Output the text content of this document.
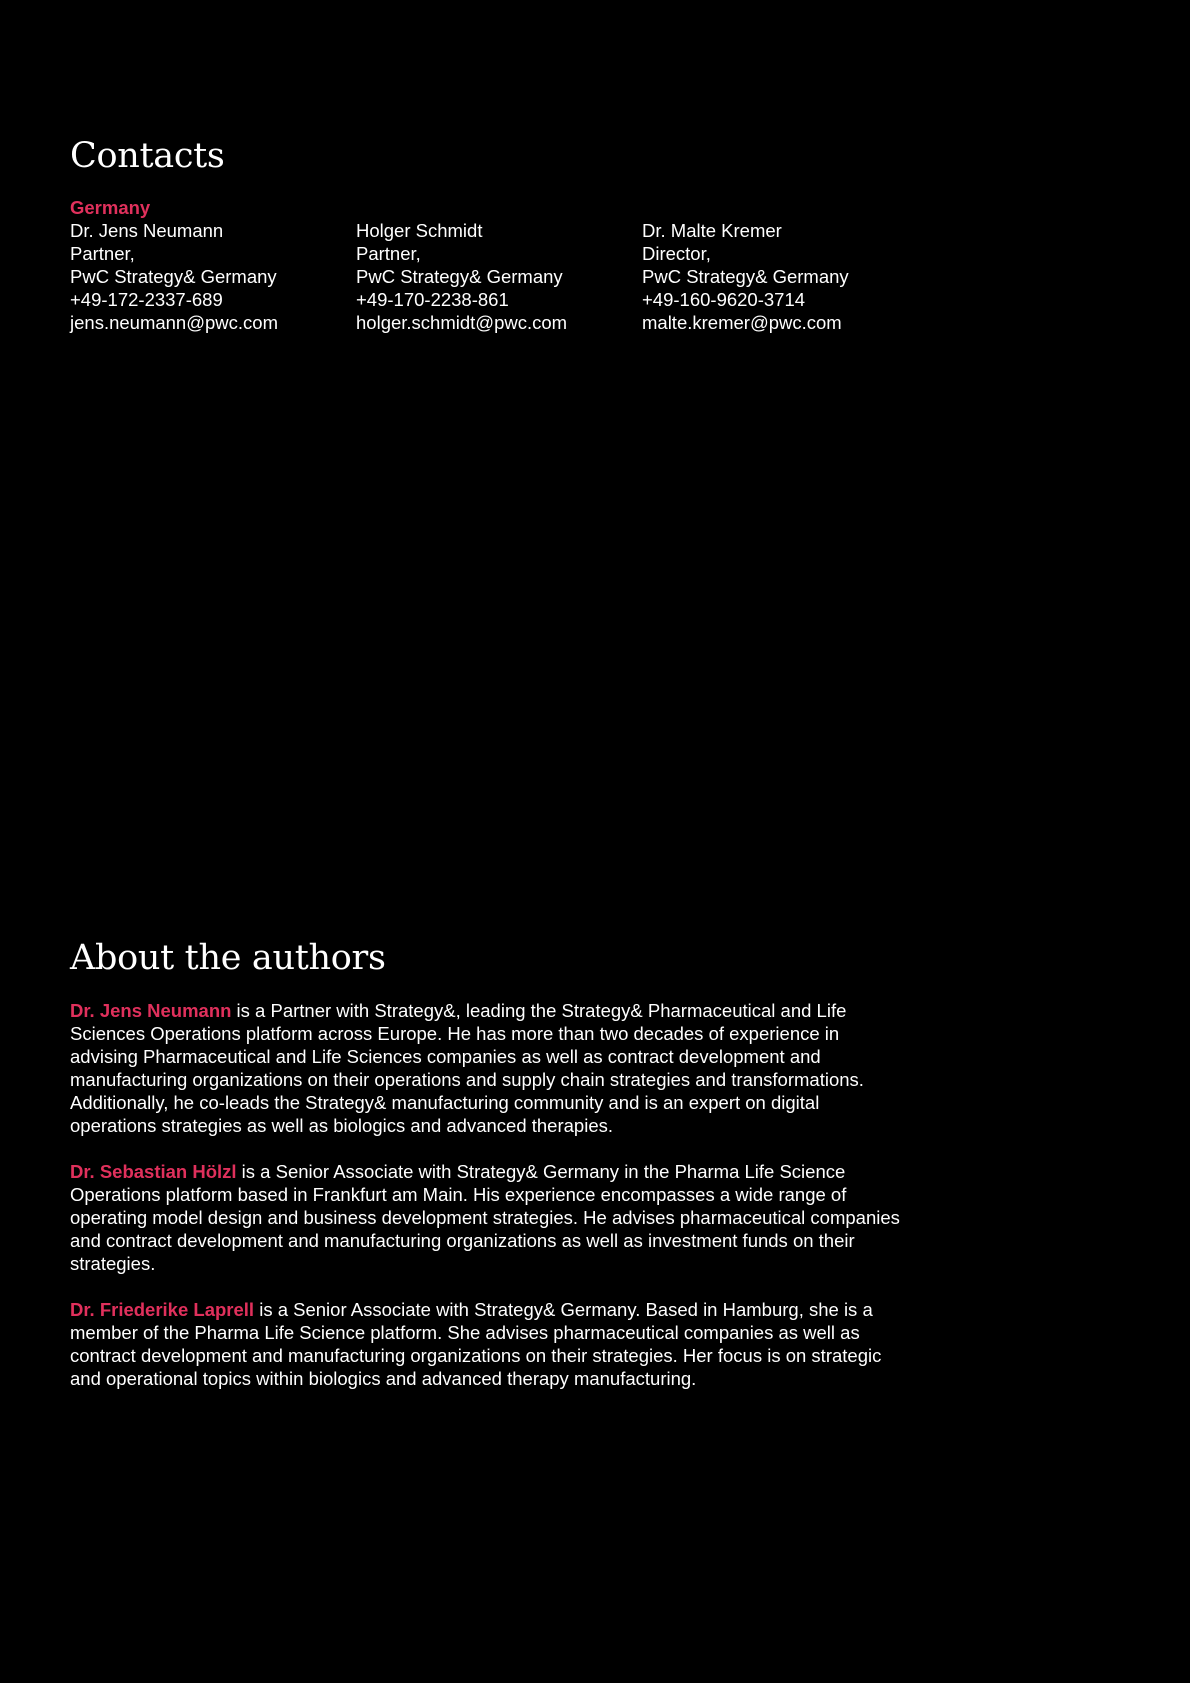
Contacts
Germany
Dr. Jens Neumann
Partner,
PwC Strategy& Germany
+49-172-2337-689
jens.neumann@pwc.com
Holger Schmidt
Partner,
PwC Strategy& Germany
+49-170-2238-861
holger.schmidt@pwc.com
Dr. Malte Kremer
Director,
PwC Strategy& Germany
+49-160-9620-3714
malte.kremer@pwc.com
About the authors

Dr. Jens Neumann is a Partner with Strategy&, leading the Strategy& Pharmaceutical and Life Sciences Operations platform across Europe. He has more than two decades of experience in advising Pharmaceutical and Life Sciences companies as well as contract development and manufacturing organizations on their operations and supply chain strategies and transformations. Additionally, he co-leads the Strategy& manufacturing community and is an expert on digital operations strategies as well as biologics and advanced therapies.

Dr. Sebastian Hölzl is a Senior Associate with Strategy& Germany in the Pharma Life Science Operations platform based in Frankfurt am Main. His experience encompasses a wide range of operating model design and business development strategies. He advises pharmaceutical companies and contract development and manufacturing organizations as well as investment funds on their strategies.

Dr. Friederike Laprell is a Senior Associate with Strategy& Germany. Based in Hamburg, she is a member of the Pharma Life Science platform. She advises pharmaceutical companies as well as contract development and manufacturing organizations on their strategies. Her focus is on strategic and operational topics within biologics and advanced therapy manufacturing.
